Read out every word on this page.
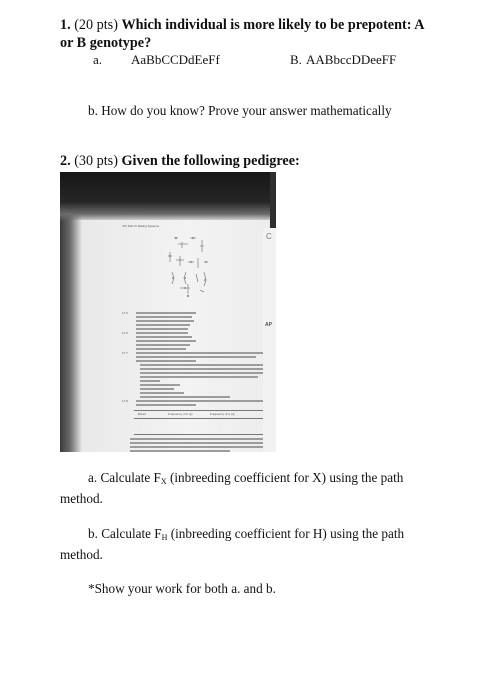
1. (20 pts) Which individual is more likely to be prepotent: A
or B genotype?
a. AaBbCCDdEeFf	B. AABbccDDeeFF
b. How do you know? Prove your answer mathematically
2. (30 pts) Given the following pedigree:
476 Part IV Mating Systems
17.6
17.5
17.7
17.8
Breed	Frequency of A (p)	Frequency of a (q)
·	·	·
·	·	·
·	·	·
C
AP
a. Calculate $F_X$ (inbreeding coefficient for X) using the path
method.
b. Calculate $F_H$ (inbreeding coefficient for H) using the path
method.
*Show your work for both a. and b.
